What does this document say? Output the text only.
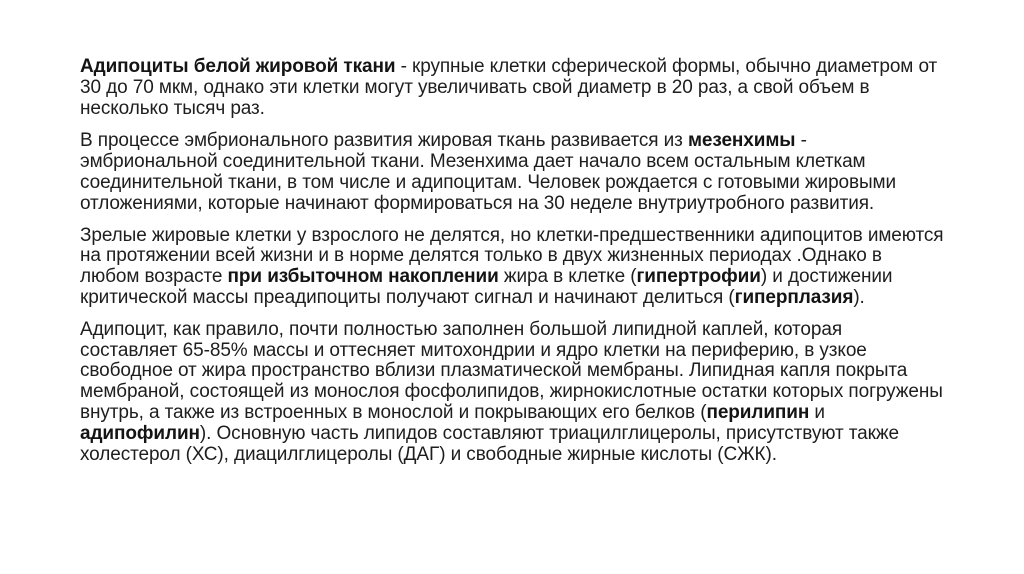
Адипоциты белой жировой ткани - крупные клетки сферической формы, обычно диаметром от 30 до 70 мкм, однако эти клетки могут увеличивать свой диаметр в 20 раз, а свой объем в несколько тысяч раз.

В процессе эмбрионального развития жировая ткань развивается из мезенхимы - эмбриональной соединительной ткани. Мезенхима дает начало всем остальным клеткам соединительной ткани, в том числе и адипоцитам. Человек рождается с готовыми жировыми отложениями, которые начинают формироваться на 30 неделе внутриутробного развития.

Зрелые жировые клетки у взрослого не делятся, но клетки-предшественники адипоцитов имеются на протяжении всей жизни и в норме делятся только в двух жизненных периодах .Однако в любом возрасте при избыточном накоплении жира в клетке (гипертрофии) и достижении критической массы преадипоциты получают сигнал и начинают делиться (гиперплазия).

Адипоцит, как правило, почти полностью заполнен большой липидной каплей, которая составляет 65-85% массы и оттесняет митохондрии и ядро клетки на периферию, в узкое свободное от жира пространство вблизи плазматической мембраны. Липидная капля покрыта мембраной, состоящей из монослоя фосфолипидов, жирнокислотные остатки которых погружены внутрь, а также из встроенных в монослой и покрывающих его белков (перилипин и адипофилин). Основную часть липидов составляют триацилглицеролы, присутствуют также холестерол (ХС), диацилглицеролы (ДАГ) и свободные жирные кислоты (СЖК).
